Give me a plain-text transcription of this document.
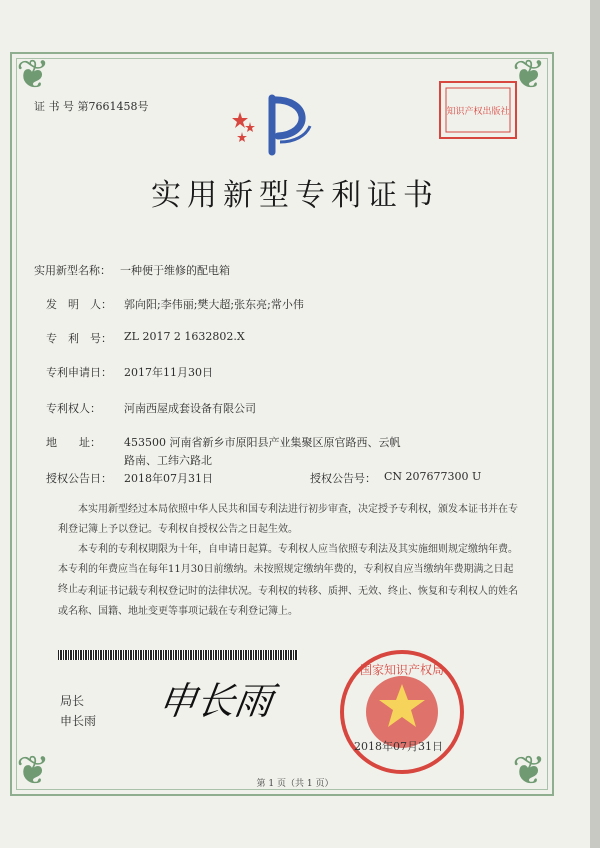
❦	❦
❦	❦
证 书 号 第7661458号	知识产权出版社
实用新型专利证书
实用新型名称： 一种便于维修的配电箱
发　明　人： 郭向阳;李伟丽;樊大超;张东亮;常小伟
专　利　号： ZL 2017 2 1632802.X
专利申请日： 2017年11月30日
专利权人： 河南西屋成套设备有限公司
地　　址： 453500 河南省新乡市原阳县产业集聚区原官路西、云帆
路南、工纬六路北
授权公告日： 2018年07月31日	授权公告号： CN 207677300 U
本实用新型经过本局依照中华人民共和国专利法进行初步审查，决定授予专利权，颁发本证书并在专利登记簿上予以登记。专利权自授权公告之日起生效。
本专利的专利权期限为十年，自申请日起算。专利权人应当依照专利法及其实施细则规定缴纳年费。本专利的年费应当在每年11月30日前缴纳。未按照规定缴纳年费的，专利权自应当缴纳年费期满之日起终止。
专利证书记载专利权登记时的法律状况。专利权的转移、质押、无效、终止、恢复和专利权人的姓名或名称、国籍、地址变更等事项记载在专利登记簿上。
局长
申长雨 申长雨
国家知识产权局
2018年07月31日
第 1 页（共 1 页）
